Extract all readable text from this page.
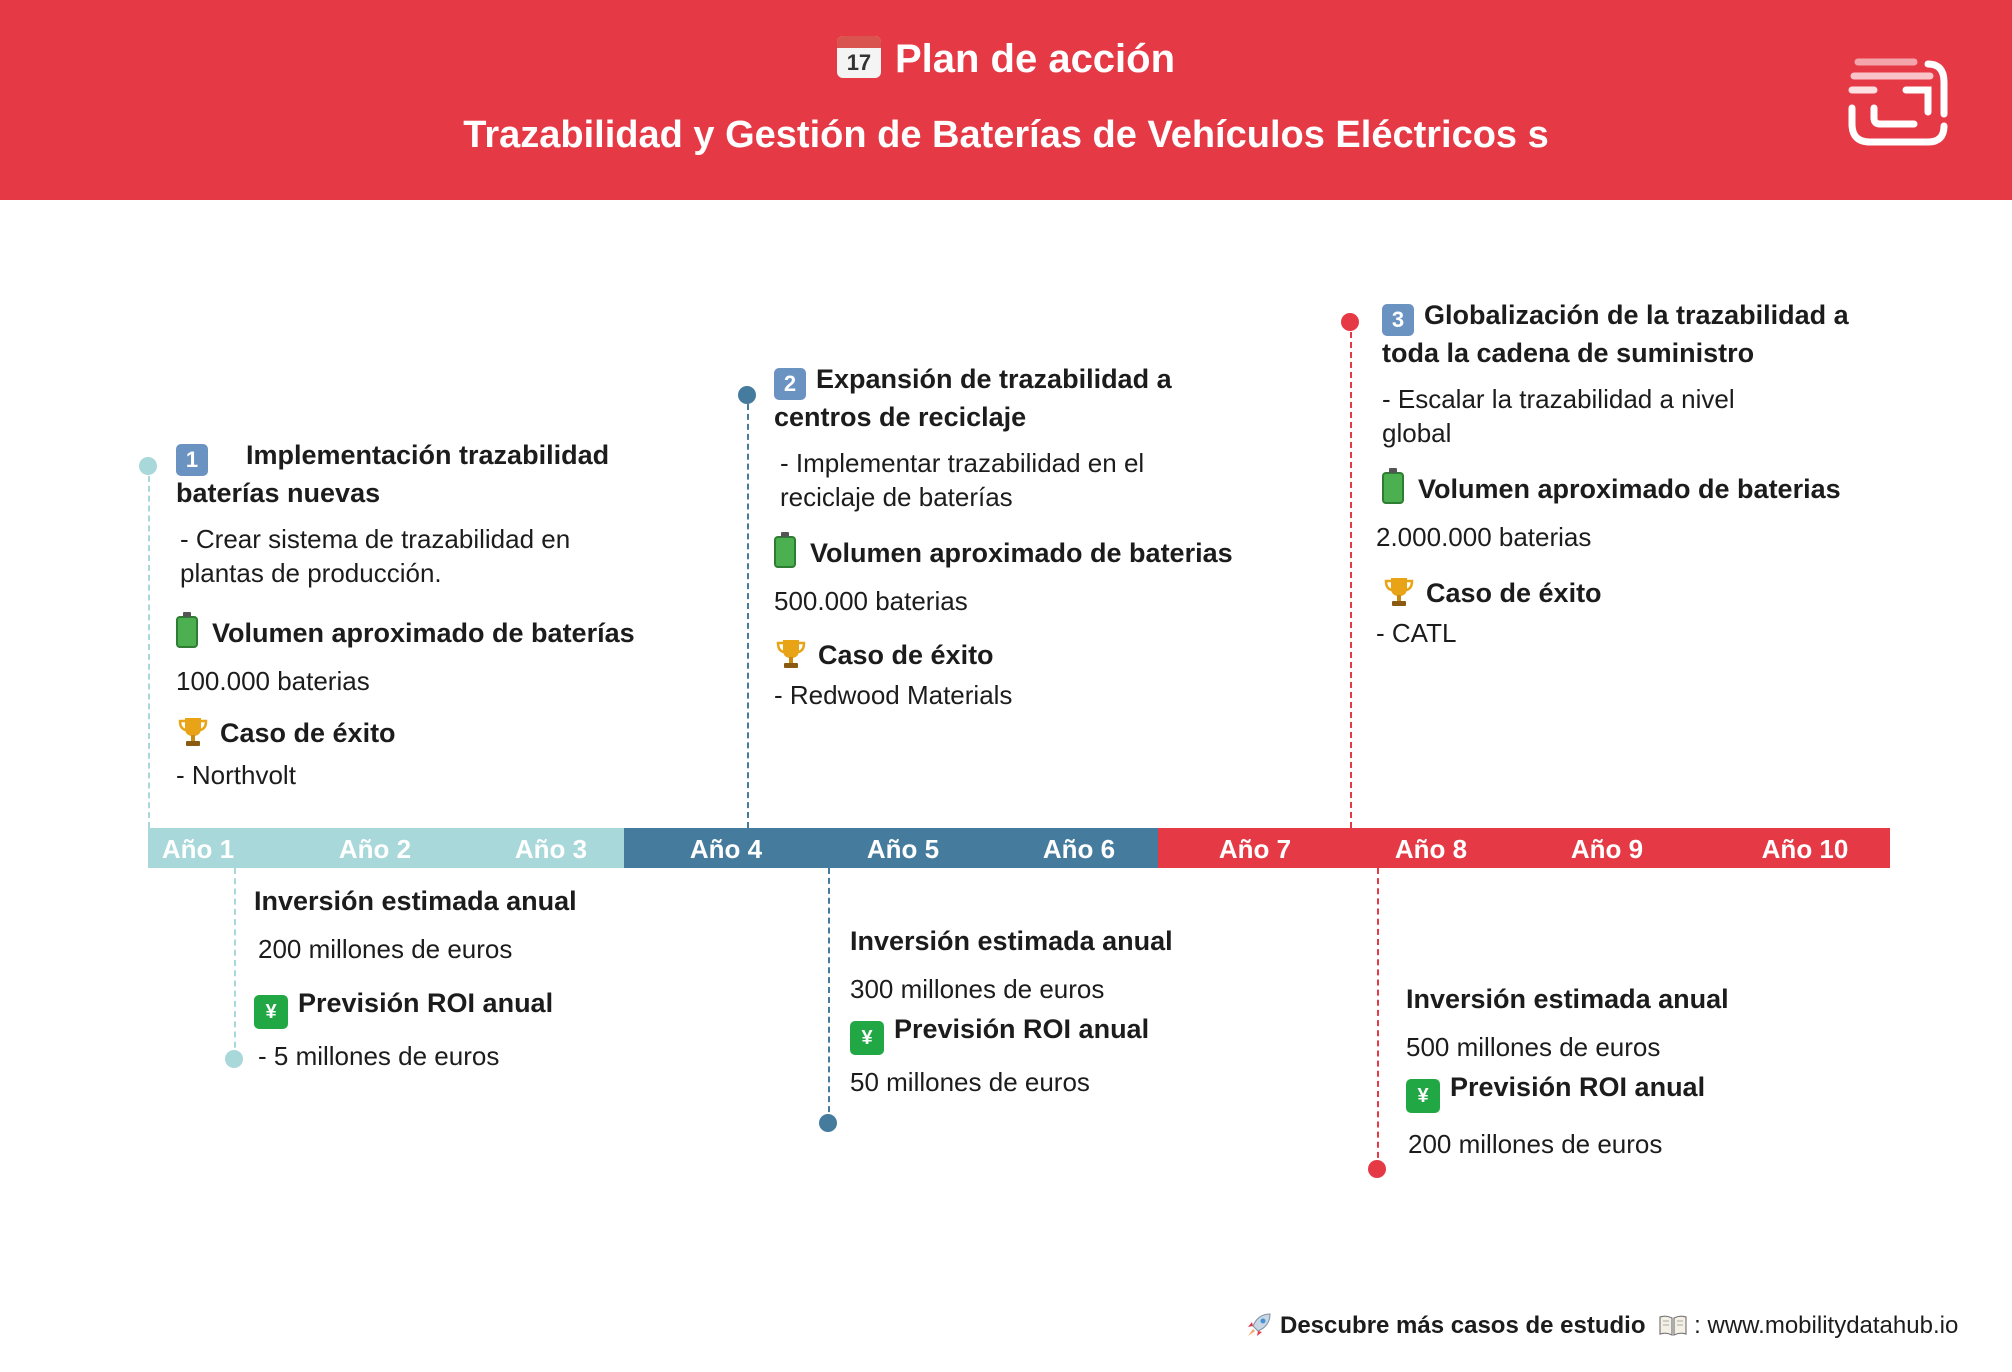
17 Plan de acción
Trazabilidad y Gestión de Baterías de Vehículos Eléctricos s
Año 1	Año 2	Año 3	Año 4	Año 5	Año 6	Año 7	Año 8	Año 9	Año 10
1 Implementación trazabilidad baterías nuevas
- Crear sistema de trazabilidad en plantas de producción.
Volumen aproximado de baterías
100.000 baterias
Caso de éxito
- Northvolt
Inversión estimada anual
200 millones de euros
¥ Previsión ROI anual
- 5 millones de euros
2 Expansión de trazabilidad a centros de reciclaje
- Implementar trazabilidad en el reciclaje de baterías
Volumen aproximado de baterias
500.000 baterias
Caso de éxito
- Redwood Materials
Inversión estimada anual
300 millones de euros
¥ Previsión ROI anual
50 millones de euros
3 Globalización de la trazabilidad a toda la cadena de suministro
- Escalar la trazabilidad a nivel global
Volumen aproximado de baterias
2.000.000 baterias
Caso de éxito
- CATL
Inversión estimada anual
500 millones de euros
¥ Previsión ROI anual
200 millones de euros
Descubre más casos de estudio : www.mobilitydatahub.io
